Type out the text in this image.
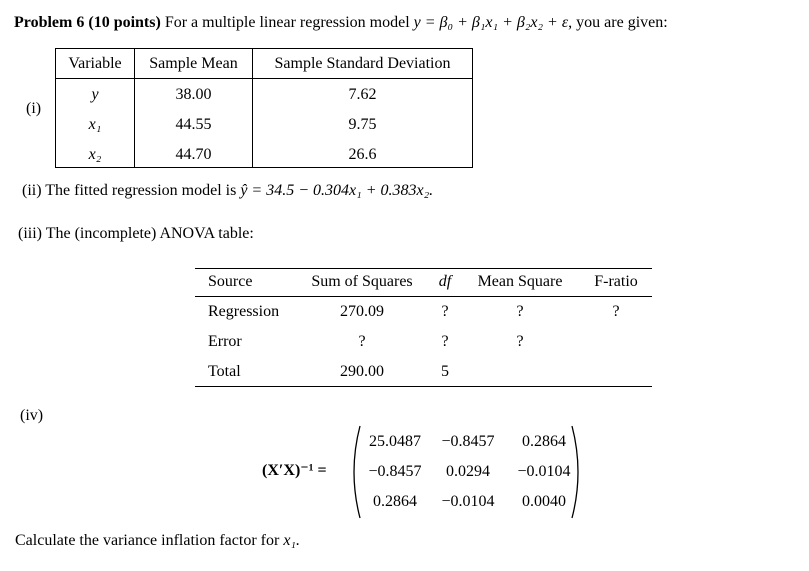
Problem 6 (10 points) For a multiple linear regression model y = β₀ + β₁x₁ + β₂x₂ + ε, you are given:
(i)
Variable	Sample Mean	Sample Standard Deviation
y	38.00	7.62
x₁	44.55	9.75
x₂	44.70	26.6
(ii) The fitted regression model is ŷ = 34.5 − 0.304x₁ + 0.383x₂.
(iii) The (incomplete) ANOVA table:
Source	Sum of Squares	df	Mean Square	F-ratio
Regression	270.09	?	?	?
Error	?	?	?
Total	290.00	5
(iv)
(X′X)⁻¹ =
25.0487	−0.8457	0.2864
−0.8457	0.0294	−0.0104
0.2864	−0.0104	0.0040
Calculate the variance inflation factor for x₁.
